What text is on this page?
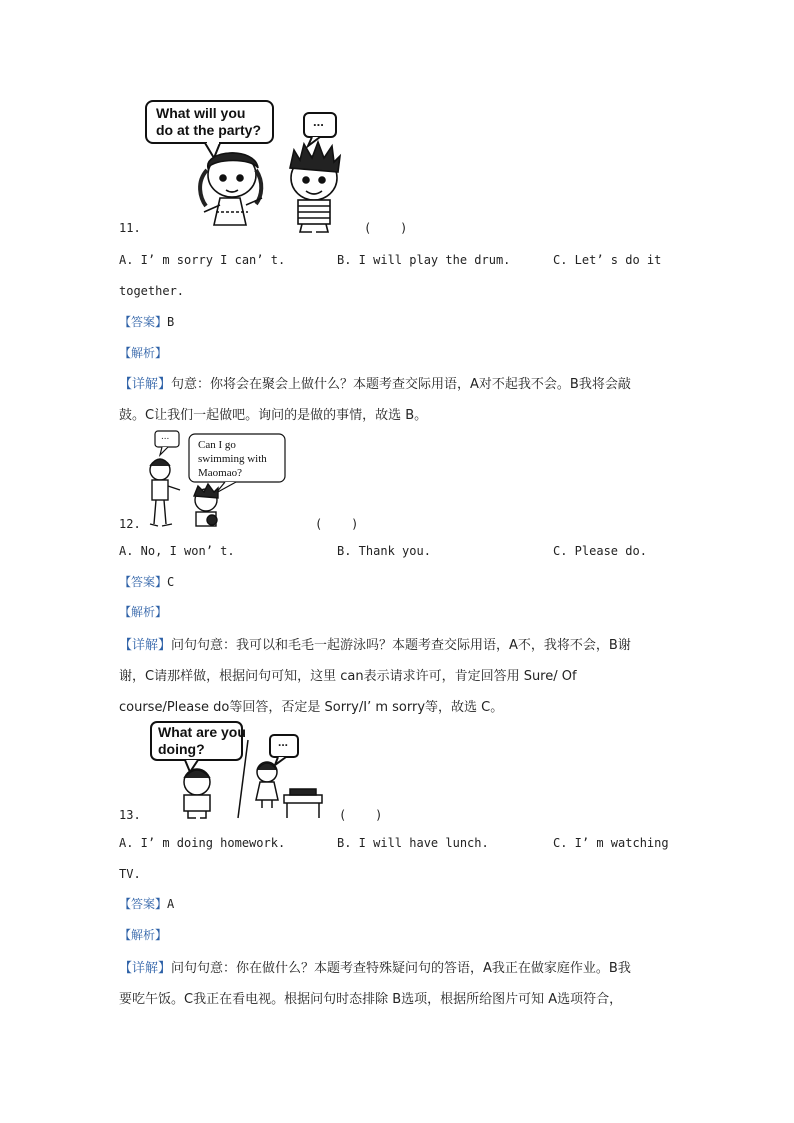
What will you
do at the party?
...
11.	(    )
A. I’ m sorry I can’ t.	B. I will play the drum.	C. Let’ s do it
together.
【答案】B
【解析】
【详解】句意：你将会在聚会上做什么？本题考查交际用语，A对不起我不会。B我将会敲
鼓。C让我们一起做吧。询问的是做的事情，故选 B。
Can I go
swimming with
Maomao?
...
12.	(    )
A. No, I won’ t.	B. Thank you.	C. Please do.
【答案】C
【解析】
【详解】问句句意：我可以和毛毛一起游泳吗？本题考查交际用语，A不，我将不会，B谢
谢，C请那样做，根据问句可知，这里 can表示请求许可，肯定回答用 Sure/ Of
course/Please do等回答，否定是 Sorry/I’ m sorry等，故选 C。
What are you
doing?	...
13.	(    )
A. I’ m doing homework.	B. I will have lunch.	C. I’ m watching
TV.
【答案】A
【解析】
【详解】问句句意：你在做什么？本题考查特殊疑问句的答语，A我正在做家庭作业。B我
要吃午饭。C我正在看电视。根据问句时态排除 B选项，根据所给图片可知 A选项符合，
